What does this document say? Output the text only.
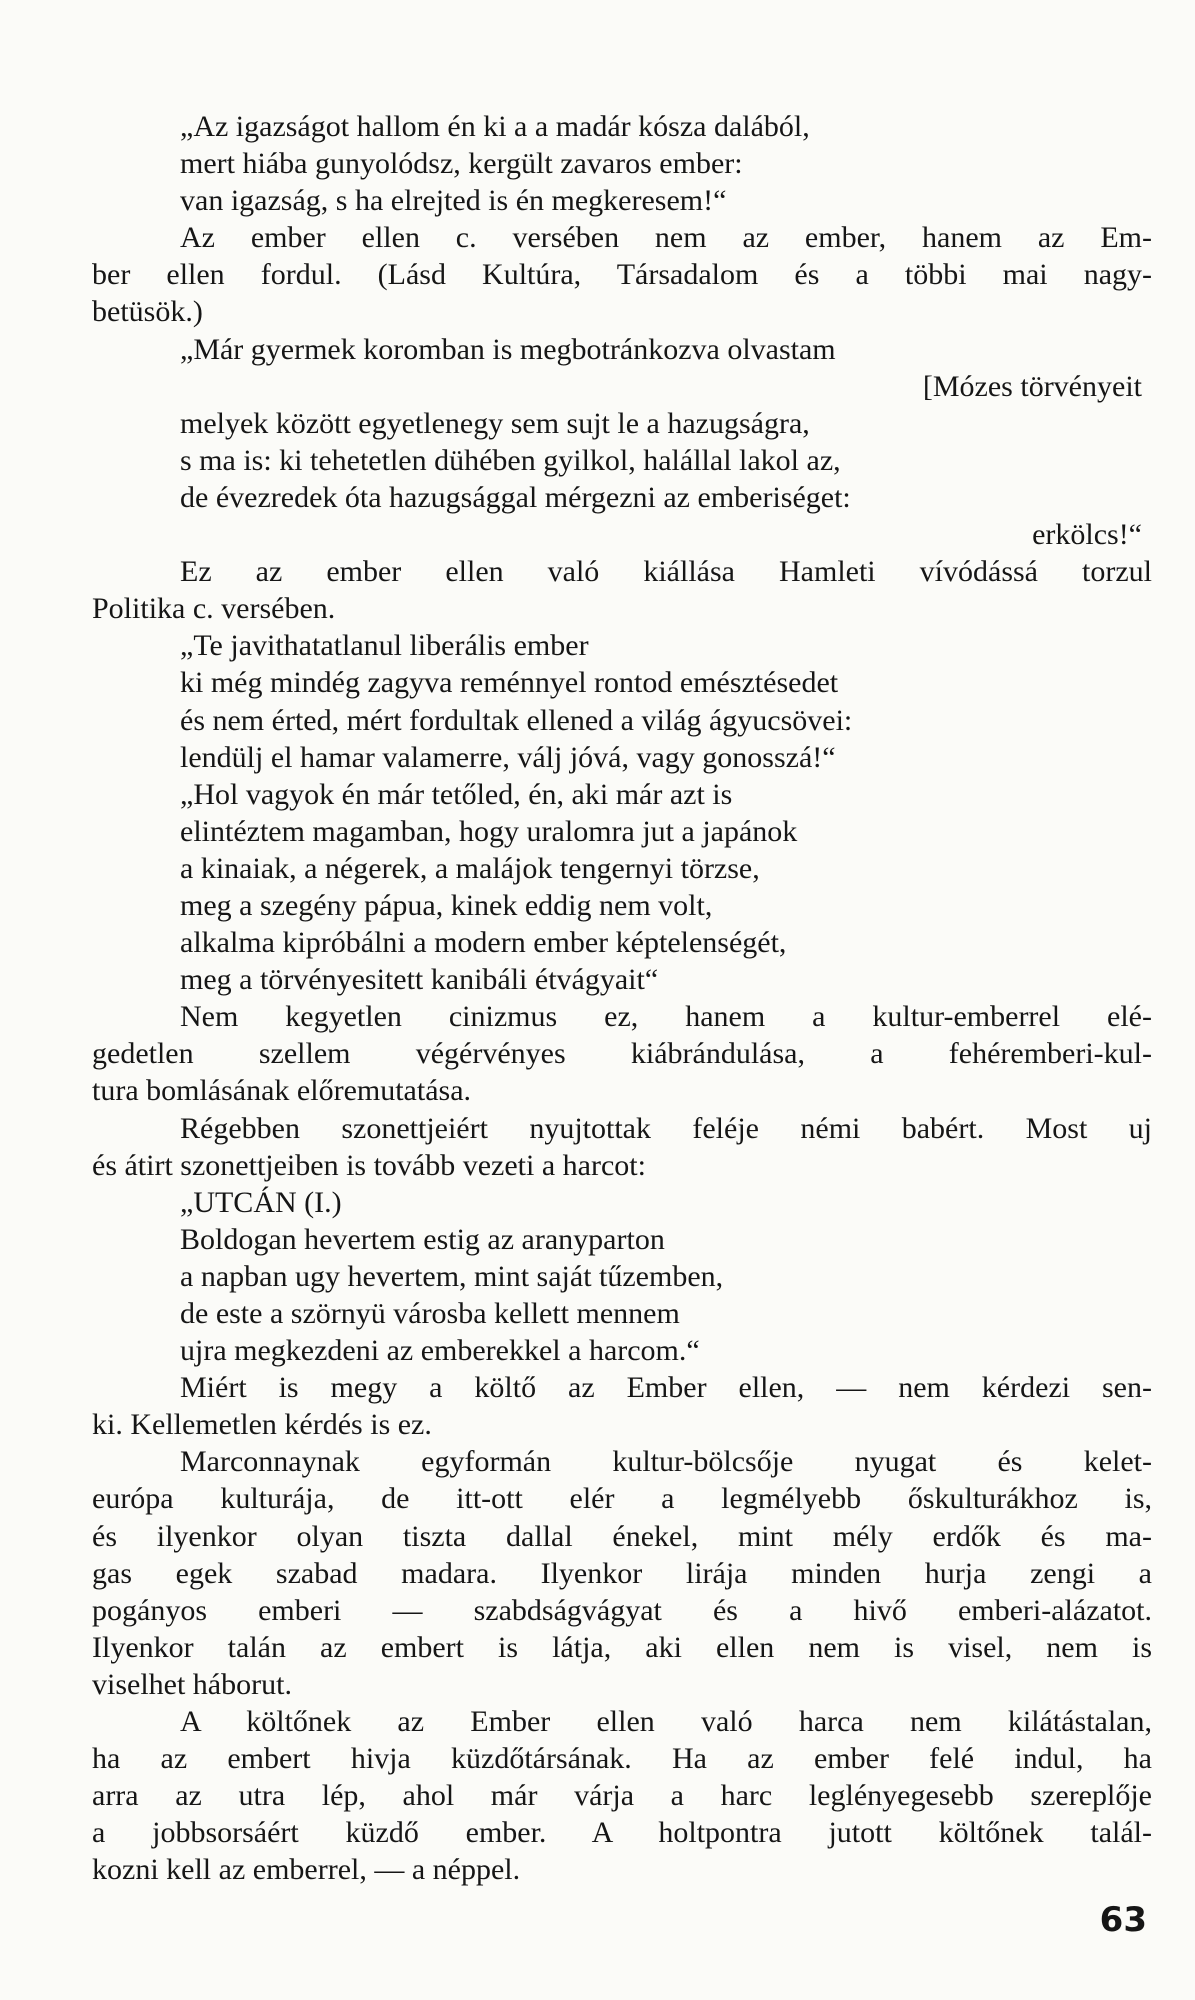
„Az igazságot hallom én ki a a madár kósza dalából,
mert hiába gunyolódsz, kergült zavaros ember:
van igazság, s ha elrejted is én megkeresem!“
Az ember ellen c. versében nem az ember, hanem az Em-
ber ellen fordul. (Lásd Kultúra, Társadalom és a többi mai nagy-
betüsök.)
„Már gyermek koromban is megbotránkozva olvastam
[Mózes törvényeit
melyek között egyetlenegy sem sujt le a hazugságra,
s ma is: ki tehetetlen dühében gyilkol, halállal lakol az,
de évezredek óta hazugsággal mérgezni az emberiséget:
erkölcs!“
Ez az ember ellen való kiállása Hamleti vívódássá torzul
Politika c. versében.
„Te javithatatlanul liberális ember
ki még mindég zagyva reménnyel rontod emésztésedet
és nem érted, mért fordultak ellened a világ ágyucsövei:
lendülj el hamar valamerre, válj jóvá, vagy gonosszá!“
„Hol vagyok én már tetőled, én, aki már azt is
elintéztem magamban, hogy uralomra jut a japánok
a kinaiak, a négerek, a malájok tengernyi törzse,
meg a szegény pápua, kinek eddig nem volt,
alkalma kipróbálni a modern ember képtelenségét,
meg a törvényesitett kanibáli étvágyait“
Nem kegyetlen cinizmus ez, hanem a kultur-emberrel elé-
gedetlen szellem végérvényes kiábrándulása, a fehéremberi-kul-
tura bomlásának előremutatása.
Régebben szonettjeiért nyujtottak feléje némi babért. Most uj
és átirt szonettjeiben is tovább vezeti a harcot:
„UTCÁN (I.)
Boldogan hevertem estig az aranyparton
a napban ugy hevertem, mint saját tűzemben,
de este a szörnyü városba kellett mennem
ujra megkezdeni az emberekkel a harcom.“
Miért is megy a költő az Ember ellen, — nem kérdezi sen-
ki. Kellemetlen kérdés is ez.
Marconnaynak egyformán kultur-bölcsője nyugat és kelet-
európa kulturája, de itt-ott elér a legmélyebb őskulturákhoz is,
és ilyenkor olyan tiszta dallal énekel, mint mély erdők és ma-
gas egek szabad madara. Ilyenkor lirája minden hurja zengi a
pogányos emberi — szabdságvágyat és a hivő emberi-alázatot.
Ilyenkor talán az embert is látja, aki ellen nem is visel, nem is
viselhet háborut.
A költőnek az Ember ellen való harca nem kilátástalan,
ha az embert hivja küzdőtársának. Ha az ember felé indul, ha
arra az utra lép, ahol már várja a harc leglényegesebb szereplője
a jobbsorsáért küzdő ember. A holtpontra jutott költőnek talál-
kozni kell az emberrel, — a néppel.
63
